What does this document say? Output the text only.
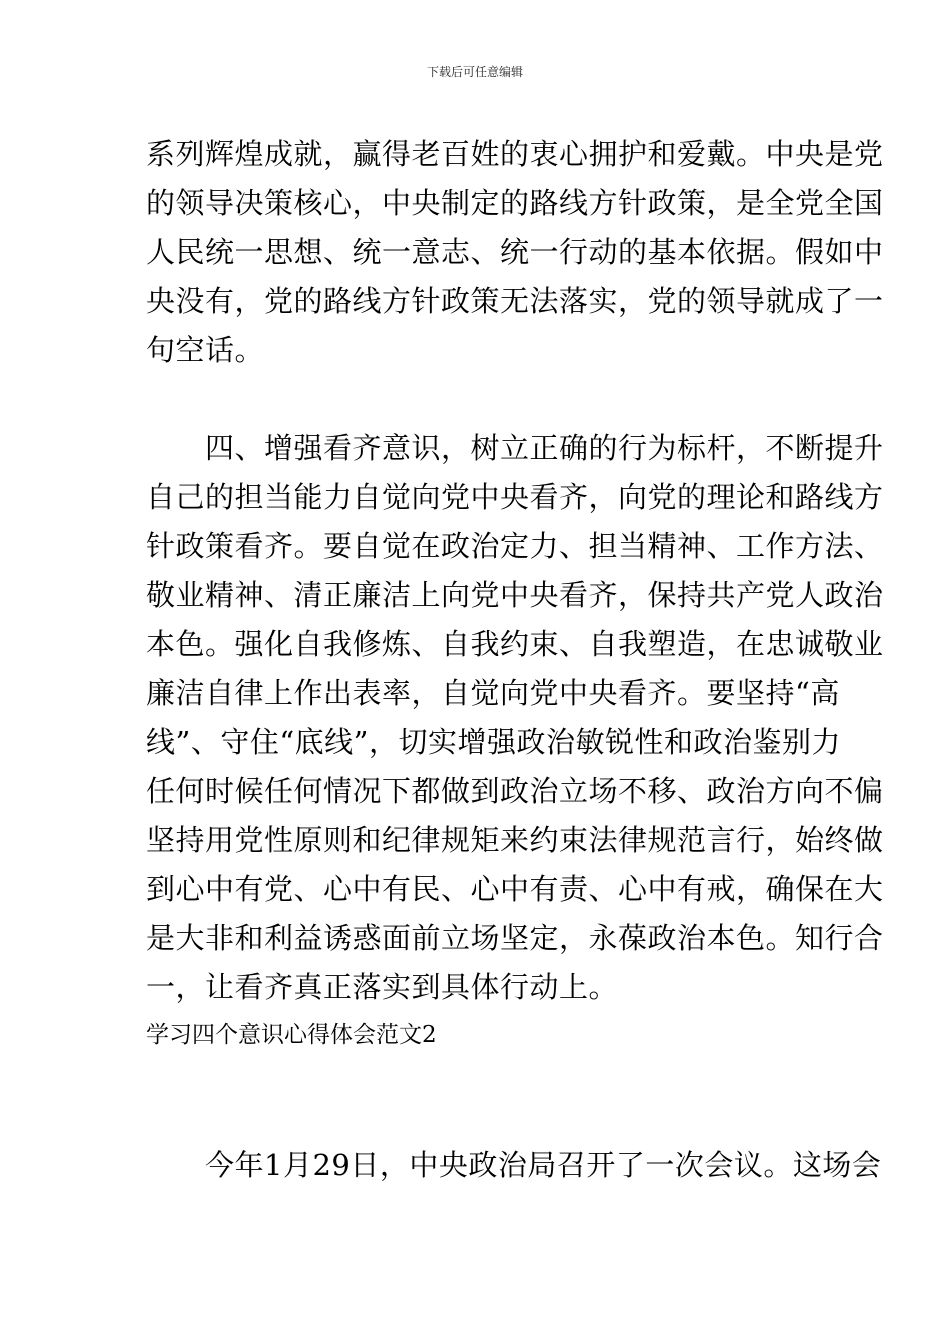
下载后可任意编辑
系列辉煌成就，赢得老百姓的衷心拥护和爱戴。中央是党
的领导决策核心，中央制定的路线方针政策，是全党全国
人民统一思想、统一意志、统一行动的基本依据。假如中
央没有，党的路线方针政策无法落实，党的领导就成了一
句空话。
　　四、增强看齐意识，树立正确的行为标杆，不断提升
自己的担当能力自觉向党中央看齐，向党的理论和路线方
针政策看齐。要自觉在政治定力、担当精神、工作方法、
敬业精神、清正廉洁上向党中央看齐，保持共产党人政治
本色。强化自我修炼、自我约束、自我塑造，在忠诚敬业
廉洁自律上作出表率，自觉向党中央看齐。要坚持“高
线”、守住“底线”，切实增强政治敏锐性和政治鉴别力
任何时候任何情况下都做到政治立场不移、政治方向不偏
坚持用党性原则和纪律规矩来约束法律规范言行，始终做
到心中有党、心中有民、心中有责、心中有戒，确保在大
是大非和利益诱惑面前立场坚定，永葆政治本色。知行合
一，让看齐真正落实到具体行动上。
学习四个意识心得体会范文2
　　今年1月29日，中央政治局召开了一次会议。这场会
